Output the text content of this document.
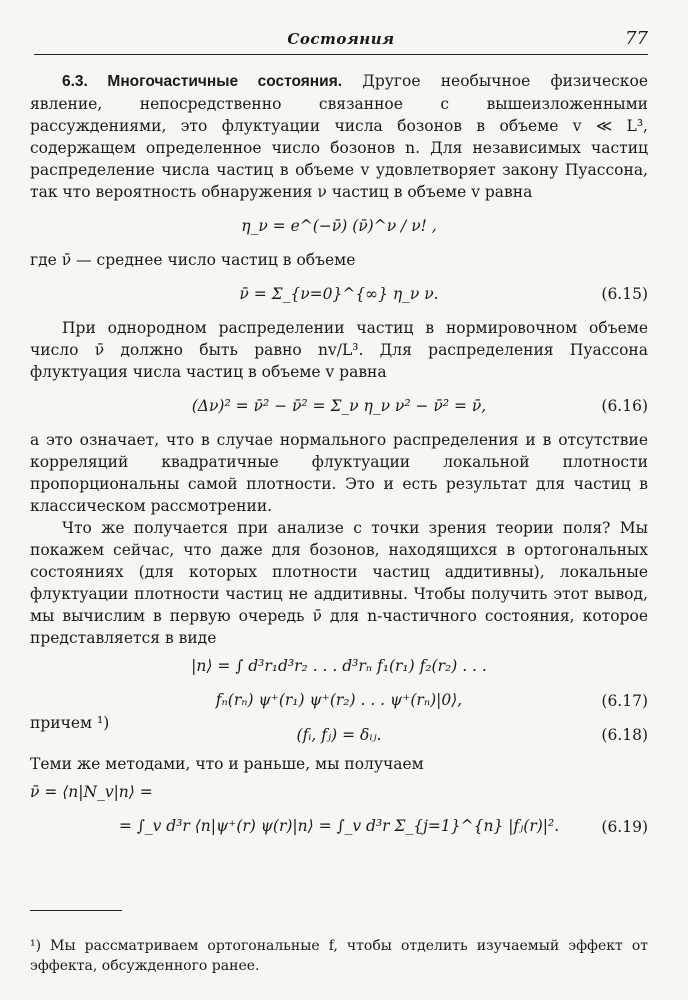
Состояния	77

6.3. Многочастичные состояния. Другое необычное физическое явление, непосредственно связанное с вышеизложенными рассуждениями, это флуктуации числа бозонов в объеме v ≪ L³, содержащем определенное число бозонов n. Для независимых частиц распределение числа частиц в объеме v удовлетворяет закону Пуассона, так что вероятность обнаружения ν частиц в объеме v равна

η_ν = e^(−ν̄) (ν̄)^ν / ν! ,

где ν̄ — среднее число частиц в объеме

ν̄ = Σ_{ν=0}^{∞} η_ν ν.	(6.15)

При однородном распределении частиц в нормировочном объеме число ν̄ должно быть равно nv/L³. Для распределения Пуассона флуктуация числа частиц в объеме v равна

(Δν)² = ν̄² − ν̄² = Σ_ν η_ν ν² − ν̄² = ν̄,	(6.16)

а это означает, что в случае нормального распределения и в отсутствие корреляций квадратичные флуктуации локальной плотности пропорциональны самой плотности. Это и есть результат для частиц в классическом рассмотрении.

Что же получается при анализе с точки зрения теории поля? Мы покажем сейчас, что даже для бозонов, находящихся в ортогональных состояниях (для которых плотности частиц аддитивны), локальные флуктуации плотности частиц не аддитивны. Чтобы получить этот вывод, мы вычислим в первую очередь ν̄ для n-частичного состояния, которое представляется в виде

|n⟩ = ∫ d³r₁d³r₂ . . . d³rₙ f₁(r₁) f₂(r₂) . . .
fₙ(rₙ) ψ⁺(r₁) ψ⁺(r₂) . . . ψ⁺(rₙ)|0⟩,	(6.17)
причем ¹)
(fᵢ, fⱼ) = δᵢⱼ.	(6.18)

Теми же методами, что и раньше, мы получаем

ν̄ = ⟨n|N_v|n⟩ =
= ∫_v d³r ⟨n|ψ⁺(r) ψ(r)|n⟩ = ∫_v d³r Σ_{j=1}^{n} |fⱼ(r)|².	(6.19)

¹) Мы рассматриваем ортогональные f, чтобы отделить изучаемый эффект от эффекта, обсужденного ранее.
